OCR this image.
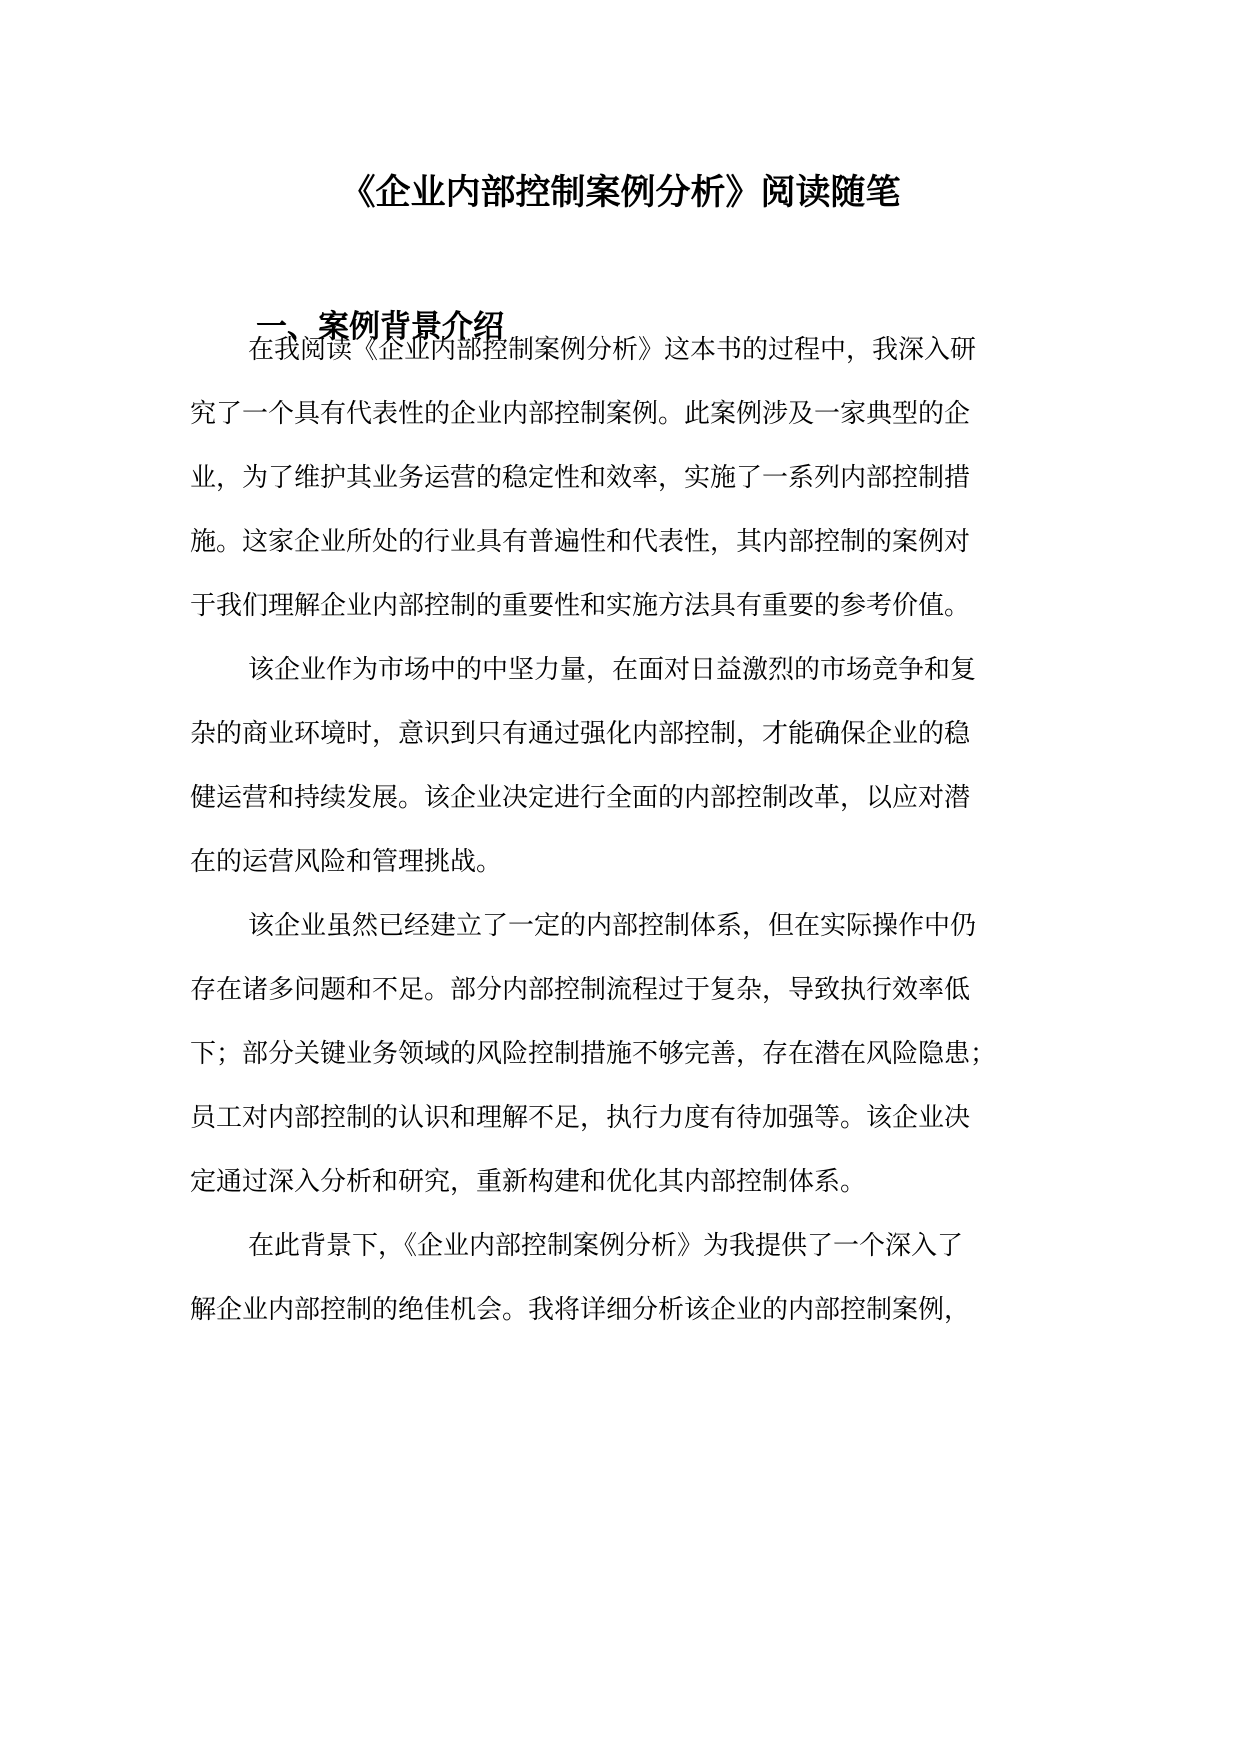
《企业内部控制案例分析》阅读随笔
一、案例背景介绍
在我阅读《企业内部控制案例分析》这本书的过程中，我深入研
究了一个具有代表性的企业内部控制案例。此案例涉及一家典型的企
业，为了维护其业务运营的稳定性和效率，实施了一系列内部控制措
施。这家企业所处的行业具有普遍性和代表性，其内部控制的案例对
于我们理解企业内部控制的重要性和实施方法具有重要的参考价值。
该企业作为市场中的中坚力量，在面对日益激烈的市场竞争和复
杂的商业环境时，意识到只有通过强化内部控制，才能确保企业的稳
健运营和持续发展。该企业决定进行全面的内部控制改革，以应对潜
在的运营风险和管理挑战。
该企业虽然已经建立了一定的内部控制体系，但在实际操作中仍
存在诸多问题和不足。部分内部控制流程过于复杂，导致执行效率低
下；部分关键业务领域的风险控制措施不够完善，存在潜在风险隐患；
员工对内部控制的认识和理解不足，执行力度有待加强等。该企业决
定通过深入分析和研究，重新构建和优化其内部控制体系。
在此背景下，《企业内部控制案例分析》为我提供了一个深入了
解企业内部控制的绝佳机会。我将详细分析该企业的内部控制案例，
